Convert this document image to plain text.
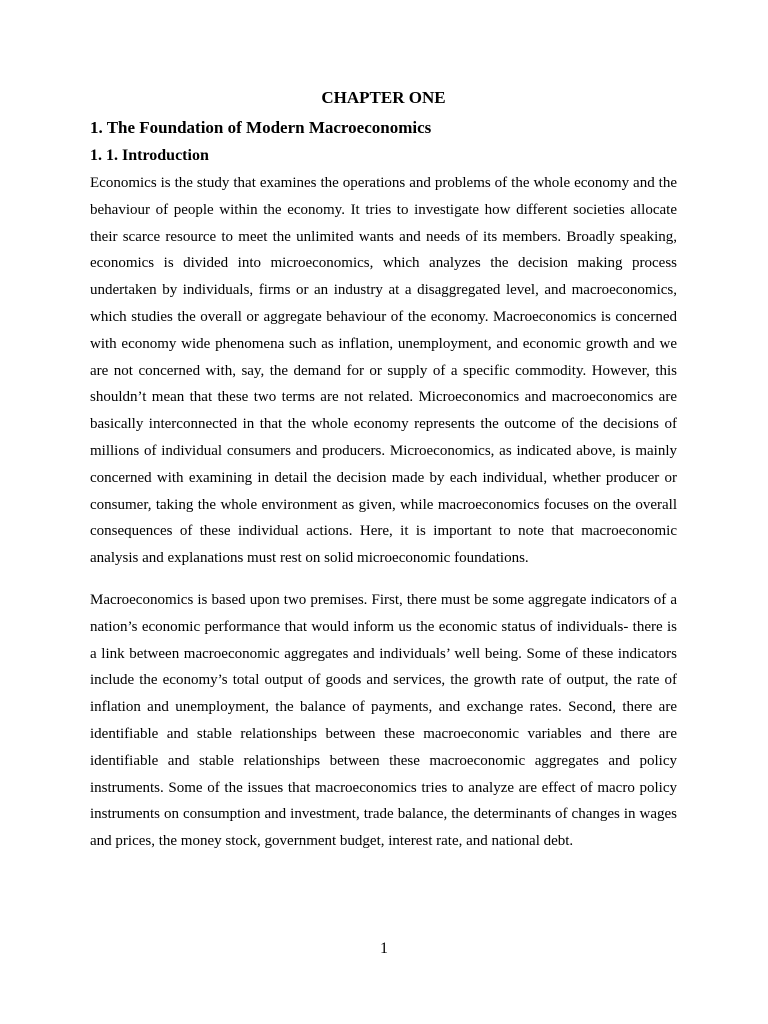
CHAPTER ONE
1. The Foundation of Modern Macroeconomics
1. 1. Introduction

Economics is the study that examines the operations and problems of the whole economy and the behaviour of people within the economy. It tries to investigate how different societies allocate their scarce resource to meet the unlimited wants and needs of its members. Broadly speaking, economics is divided into microeconomics, which analyzes the decision making process undertaken by individuals, firms or an industry at a disaggregated level, and macroeconomics, which studies the overall or aggregate behaviour of the economy. Macroeconomics is concerned with economy wide phenomena such as inflation, unemployment, and economic growth and we are not concerned with, say, the demand for or supply of a specific commodity. However, this shouldn’t mean that these two terms are not related. Microeconomics and macroeconomics are basically interconnected in that the whole economy represents the outcome of the decisions of millions of individual consumers and producers. Microeconomics, as indicated above, is mainly concerned with examining in detail the decision made by each individual, whether producer or consumer, taking the whole environment as given, while macroeconomics focuses on the overall consequences of these individual actions. Here, it is important to note that macroeconomic analysis and explanations must rest on solid microeconomic foundations.

Macroeconomics is based upon two premises. First, there must be some aggregate indicators of a nation’s economic performance that would inform us the economic status of individuals- there is a link between macroeconomic aggregates and individuals’ well being. Some of these indicators include the economy’s total output of goods and services, the growth rate of output, the rate of inflation and unemployment, the balance of payments, and exchange rates. Second, there are identifiable and stable relationships between these macroeconomic variables and there are identifiable and stable relationships between these macroeconomic aggregates and policy instruments. Some of the issues that macroeconomics tries to analyze are effect of macro policy instruments on consumption and investment, trade balance, the determinants of changes in wages and prices, the money stock, government budget, interest rate, and national debt.

1
